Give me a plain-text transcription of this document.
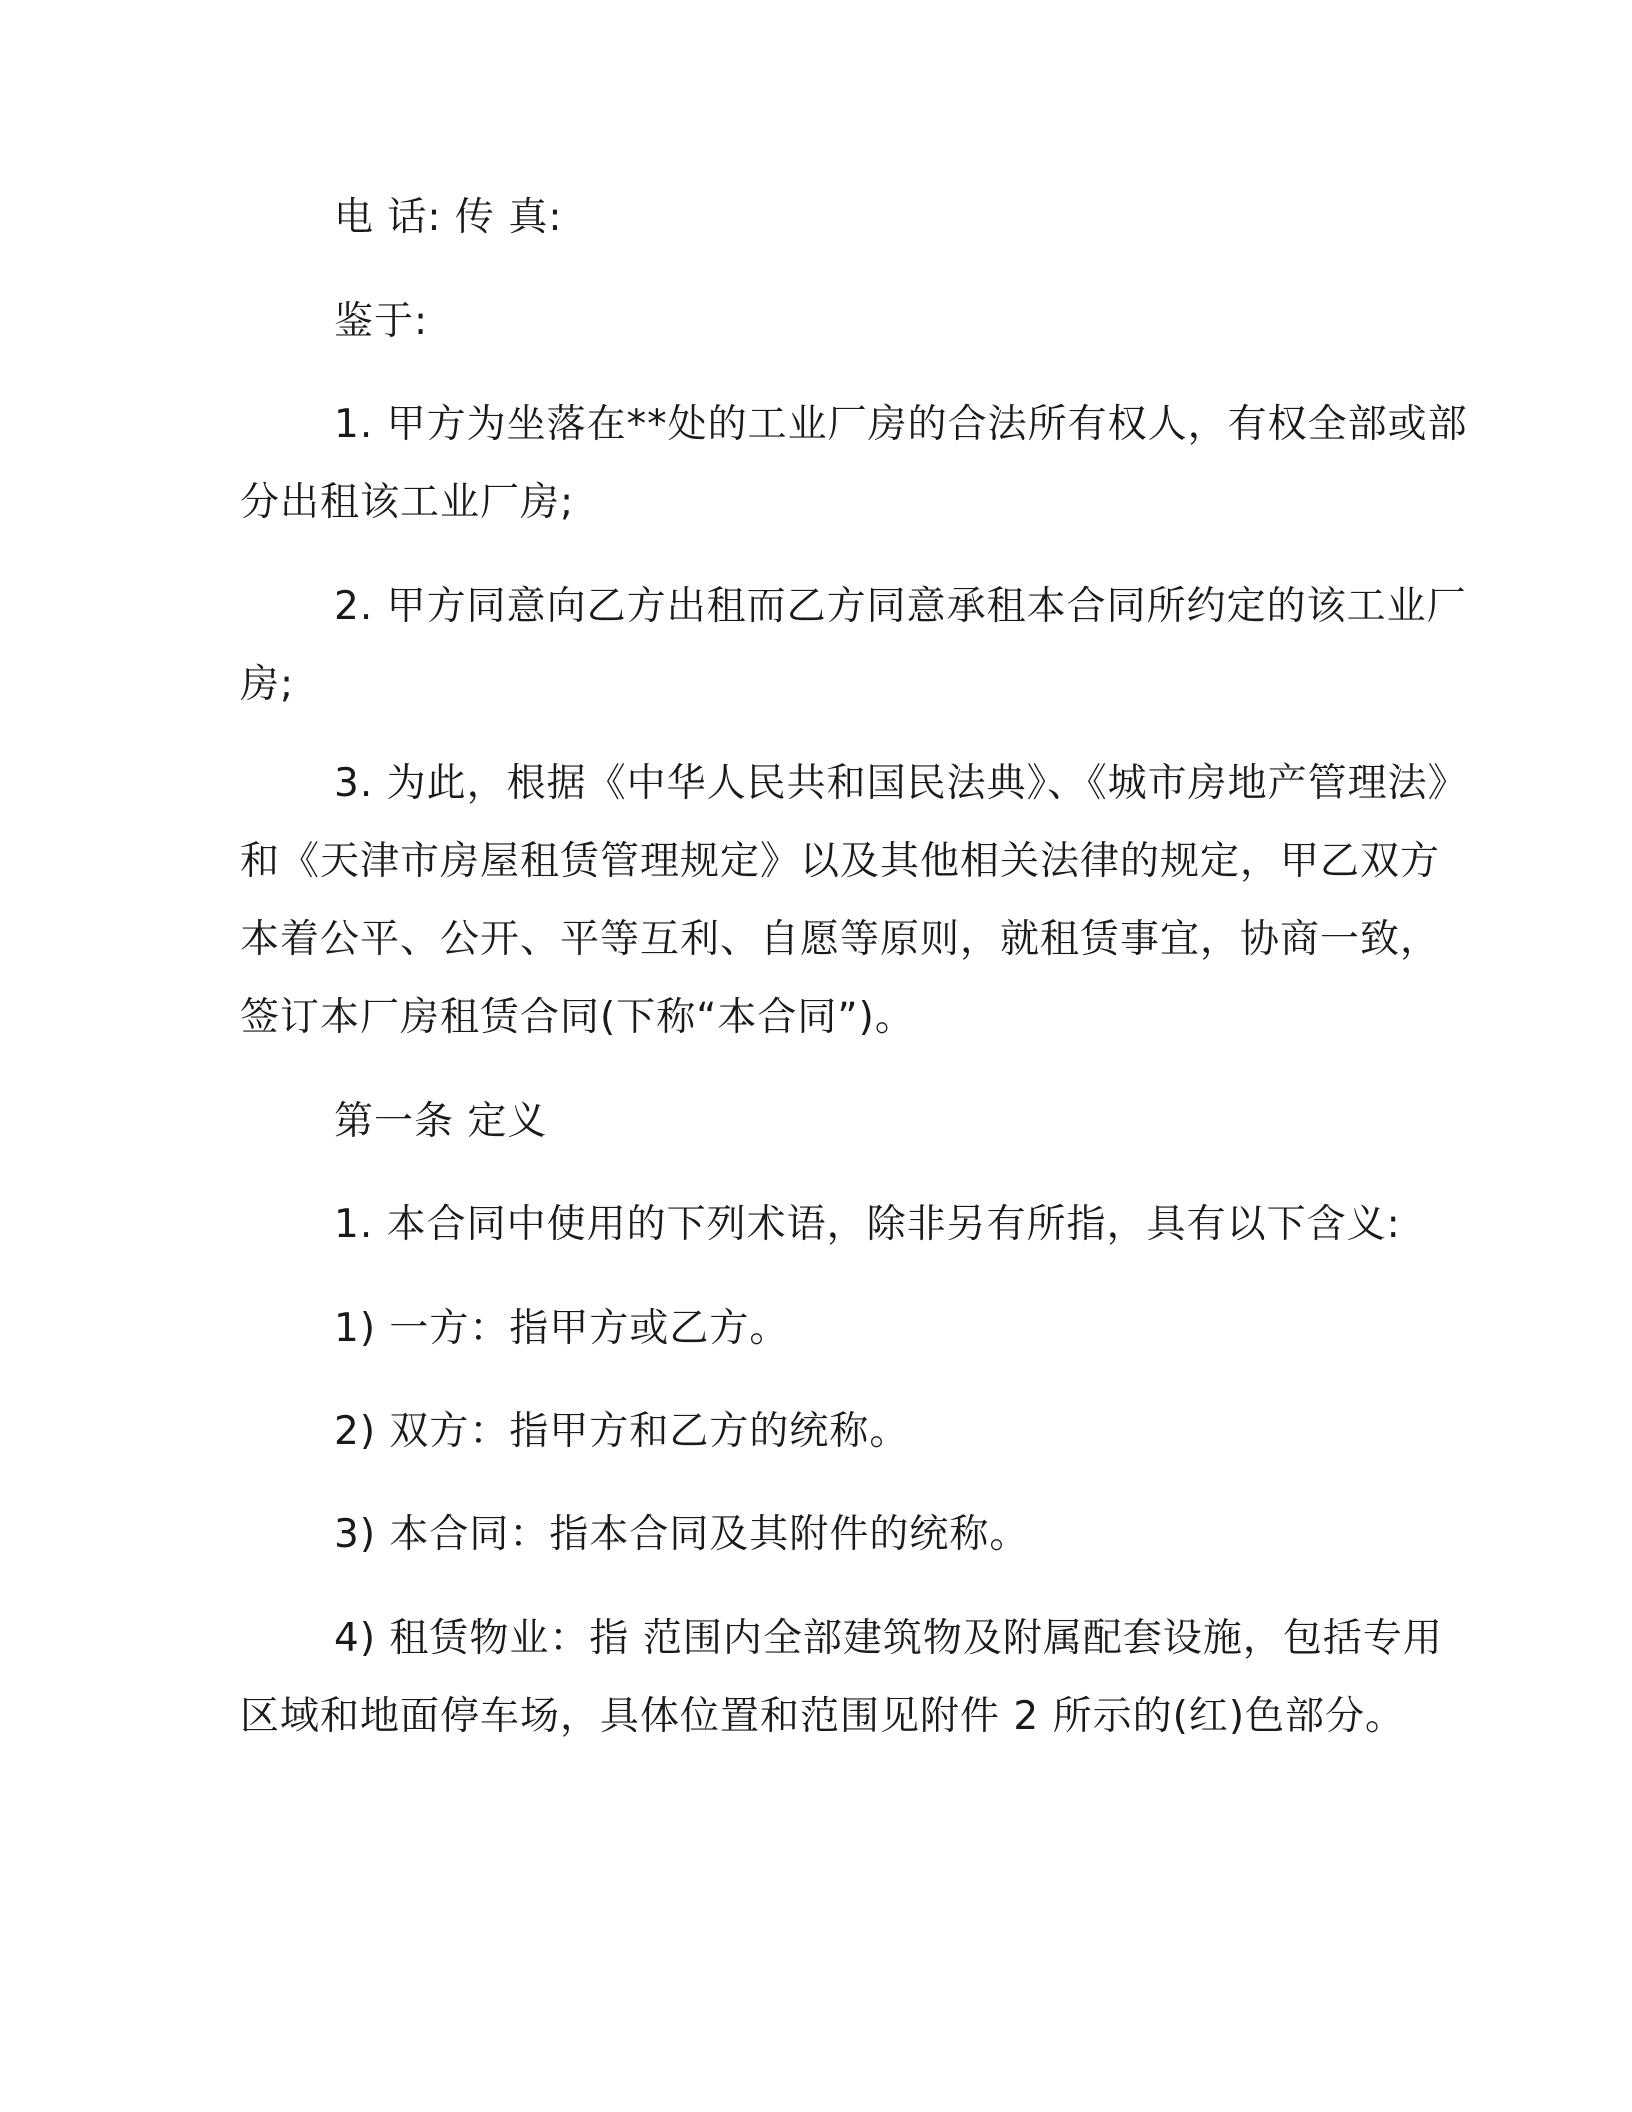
电 话: 传 真:
鉴于:
1. 甲方为坐落在**处的工业厂房的合法所有权人，有权全部或部
分出租该工业厂房;
2. 甲方同意向乙方出租而乙方同意承租本合同所约定的该工业厂
房;
3. 为此，根据《中华人民共和国民法典》、《城市房地产管理法》
和《天津市房屋租赁管理规定》以及其他相关法律的规定，甲乙双方
本着公平、公开、平等互利、自愿等原则，就租赁事宜，协商一致，
签订本厂房租赁合同(下称“本合同”)。
第一条 定义
1. 本合同中使用的下列术语，除非另有所指，具有以下含义:
1) 一方：指甲方或乙方。
2) 双方：指甲方和乙方的统称。
3) 本合同：指本合同及其附件的统称。
4) 租赁物业：指 范围内全部建筑物及附属配套设施，包括专用
区域和地面停车场，具体位置和范围见附件 2 所示的(红)色部分。
